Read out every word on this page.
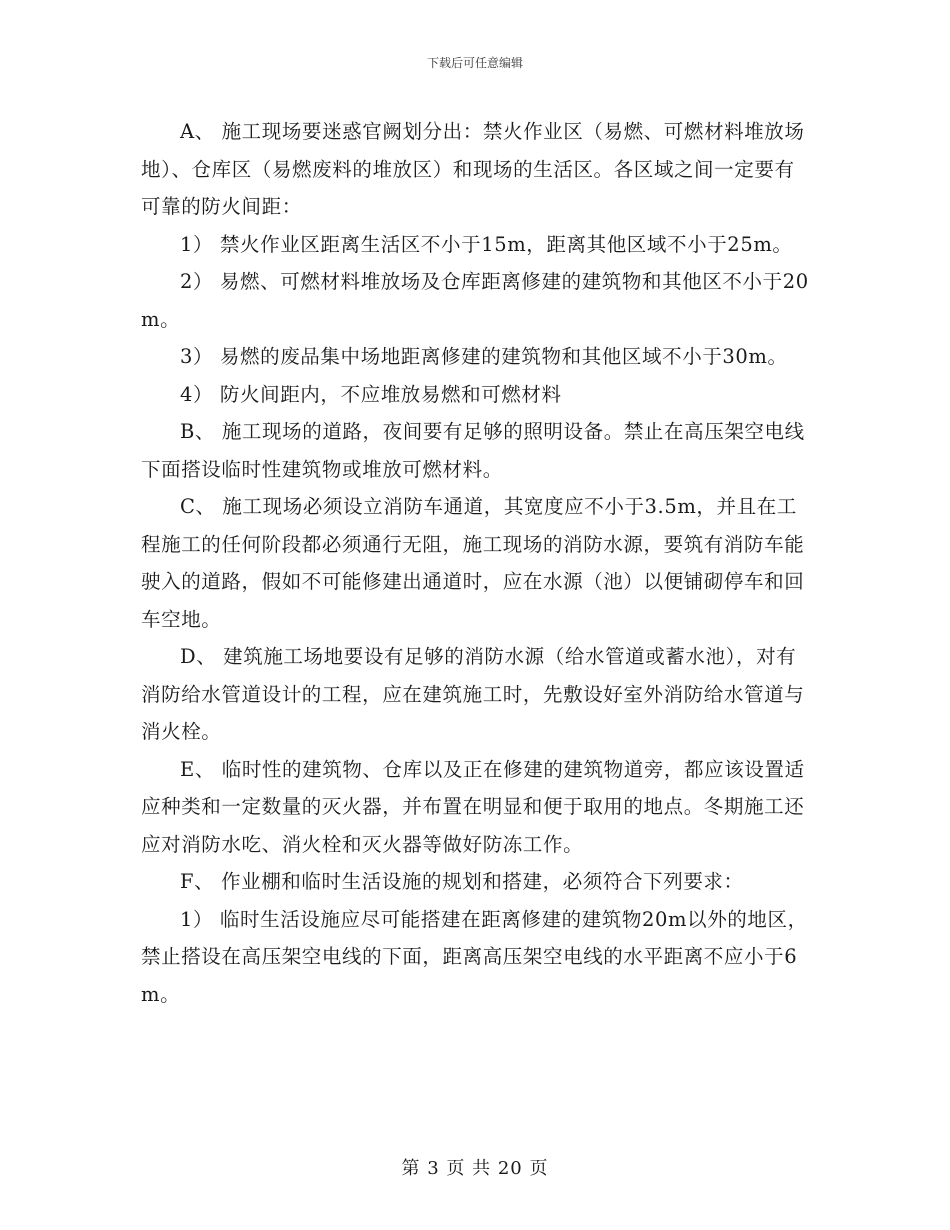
下载后可任意编辑

A、 施工现场要迷惑官阙划分出：禁火作业区（易燃、可燃材料堆放场地）、仓库区（易燃废料的堆放区）和现场的生活区。各区域之间一定要有可靠的防火间距：

1） 禁火作业区距离生活区不小于15m，距离其他区域不小于25m。

2） 易燃、可燃材料堆放场及仓库距离修建的建筑物和其他区不小于20m。

3） 易燃的废品集中场地距离修建的建筑物和其他区域不小于30m。

4） 防火间距内，不应堆放易燃和可燃材料

B、 施工现场的道路，夜间要有足够的照明设备。禁止在高压架空电线下面搭设临时性建筑物或堆放可燃材料。

C、 施工现场必须设立消防车通道，其宽度应不小于3.5m，并且在工程施工的任何阶段都必须通行无阻，施工现场的消防水源，要筑有消防车能驶入的道路，假如不可能修建出通道时，应在水源（池）以便铺砌停车和回车空地。

D、 建筑施工场地要设有足够的消防水源（给水管道或蓄水池），对有消防给水管道设计的工程，应在建筑施工时，先敷设好室外消防给水管道与消火栓。

E、 临时性的建筑物、仓库以及正在修建的建筑物道旁，都应该设置适应种类和一定数量的灭火器，并布置在明显和便于取用的地点。冬期施工还应对消防水吃、消火栓和灭火器等做好防冻工作。

F、 作业棚和临时生活设施的规划和搭建，必须符合下列要求：

1） 临时生活设施应尽可能搭建在距离修建的建筑物20m以外的地区，禁止搭设在高压架空电线的下面，距离高压架空电线的水平距离不应小于6m。

第 3 页 共 20 页
